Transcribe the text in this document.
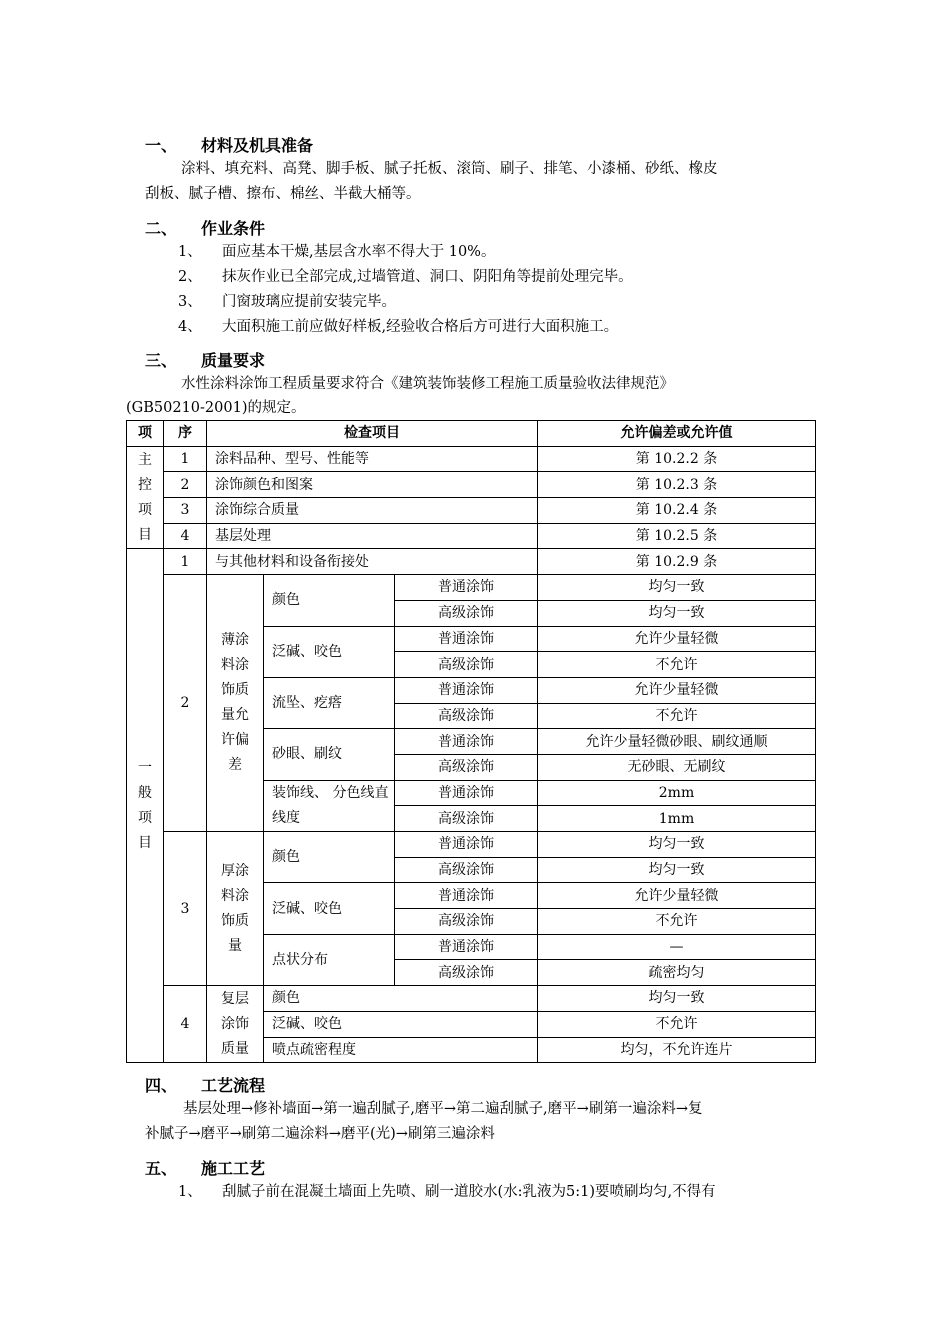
一、 材料及机具准备
涂料、填充料、高凳、脚手板、腻子托板、滚筒、刷子、排笔、小漆桶、砂纸、橡皮
刮板、腻子槽、擦布、棉丝、半截大桶等。
二、 作业条件
1、 面应基本干燥,基层含水率不得大于 10%。
2、 抹灰作业已全部完成,过墙管道、洞口、阴阳角等提前处理完毕。
3、 门窗玻璃应提前安装完毕。
4、 大面积施工前应做好样板,经验收合格后方可进行大面积施工。
三、 质量要求
水性涂料涂饰工程质量要求符合《建筑装饰装修工程施工质量验收法律规范》
(GB50210-2001)的规定。
项	序	检查项目			允许偏差或允许值
主控项目	1	涂料品种、型号、性能等			第 10.2.2 条
	2	涂饰颜色和图案			第 10.2.3 条
	3	涂饰综合质量			第 10.2.4 条
	4	基层处理			第 10.2.5 条
一般项目	1	与其他材料和设备衔接处			第 10.2.9 条
	2	薄涂料涂饰质量允许偏差	颜色	普通涂饰	均匀一致
				高级涂饰	均匀一致
			泛碱、咬色	普通涂饰	允许少量轻微
				高级涂饰	不允许
			流坠、疙瘩	普通涂饰	允许少量轻微
				高级涂饰	不允许
			砂眼、刷纹	普通涂饰	允许少量轻微砂眼、刷纹通顺
				高级涂饰	无砂眼、无刷纹
			装饰线、 分色线直线度	普通涂饰	2mm
				高级涂饰	1mm
	3	厚涂料涂饰质量	颜色	普通涂饰	均匀一致
				高级涂饰	均匀一致
			泛碱、咬色	普通涂饰	允许少量轻微
				高级涂饰	不允许
			点状分布	普通涂饰	—
				高级涂饰	疏密均匀
	4	复层涂饰质量	颜色		均匀一致
			泛碱、咬色		不允许
			喷点疏密程度		均匀，不允许连片
四、 工艺流程
基层处理→修补墙面→第一遍刮腻子,磨平→第二遍刮腻子,磨平→刷第一遍涂料→复
补腻子→磨平→刷第二遍涂料→磨平(光)→刷第三遍涂料
五、 施工工艺
1、 刮腻子前在混凝土墙面上先喷、刷一道胶水(水:乳液为5:1)要喷刷均匀,不得有
